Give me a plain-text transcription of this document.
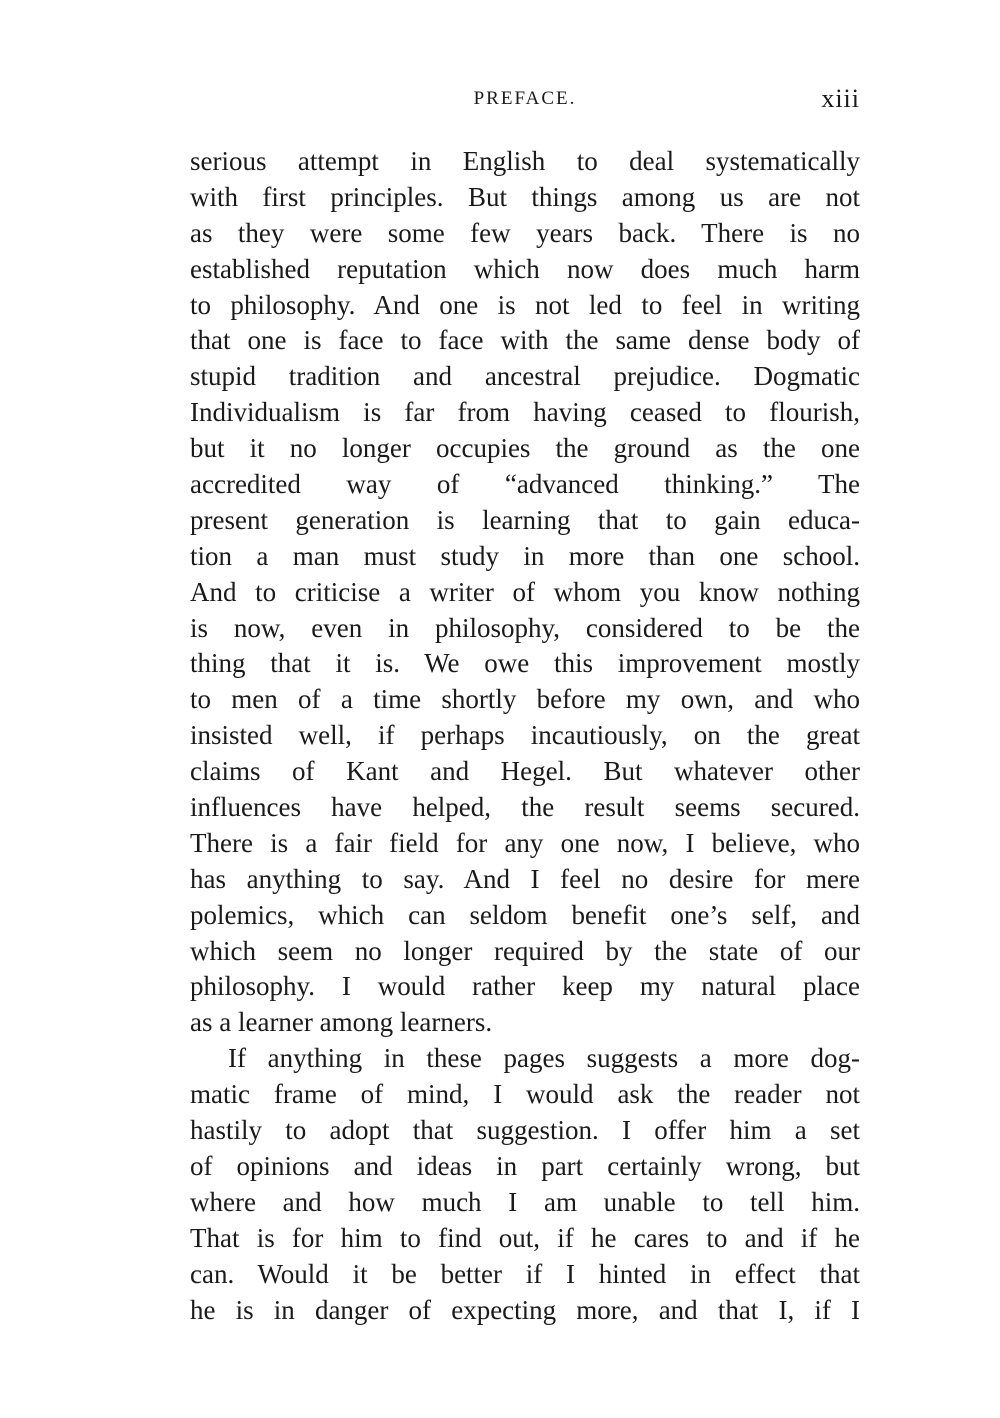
PREFACE.	xiii
serious attempt in English to deal systematically
with first principles. But things among us are not
as they were some few years back. There is no
established reputation which now does much harm
to philosophy. And one is not led to feel in writing
that one is face to face with the same dense body of
stupid tradition and ancestral prejudice. Dogmatic
Individualism is far from having ceased to flourish,
but it no longer occupies the ground as the one
accredited way of “advanced thinking.” The
present generation is learning that to gain educa-
tion a man must study in more than one school.
And to criticise a writer of whom you know nothing
is now, even in philosophy, considered to be the
thing that it is. We owe this improvement mostly
to men of a time shortly before my own, and who
insisted well, if perhaps incautiously, on the great
claims of Kant and Hegel. But whatever other
influences have helped, the result seems secured.
There is a fair field for any one now, I believe, who
has anything to say. And I feel no desire for mere
polemics, which can seldom benefit one’s self, and
which seem no longer required by the state of our
philosophy. I would rather keep my natural place
as a learner among learners.
If anything in these pages suggests a more dog-
matic frame of mind, I would ask the reader not
hastily to adopt that suggestion. I offer him a set
of opinions and ideas in part certainly wrong, but
where and how much I am unable to tell him.
That is for him to find out, if he cares to and if he
can. Would it be better if I hinted in effect that
he is in danger of expecting more, and that I, if I
